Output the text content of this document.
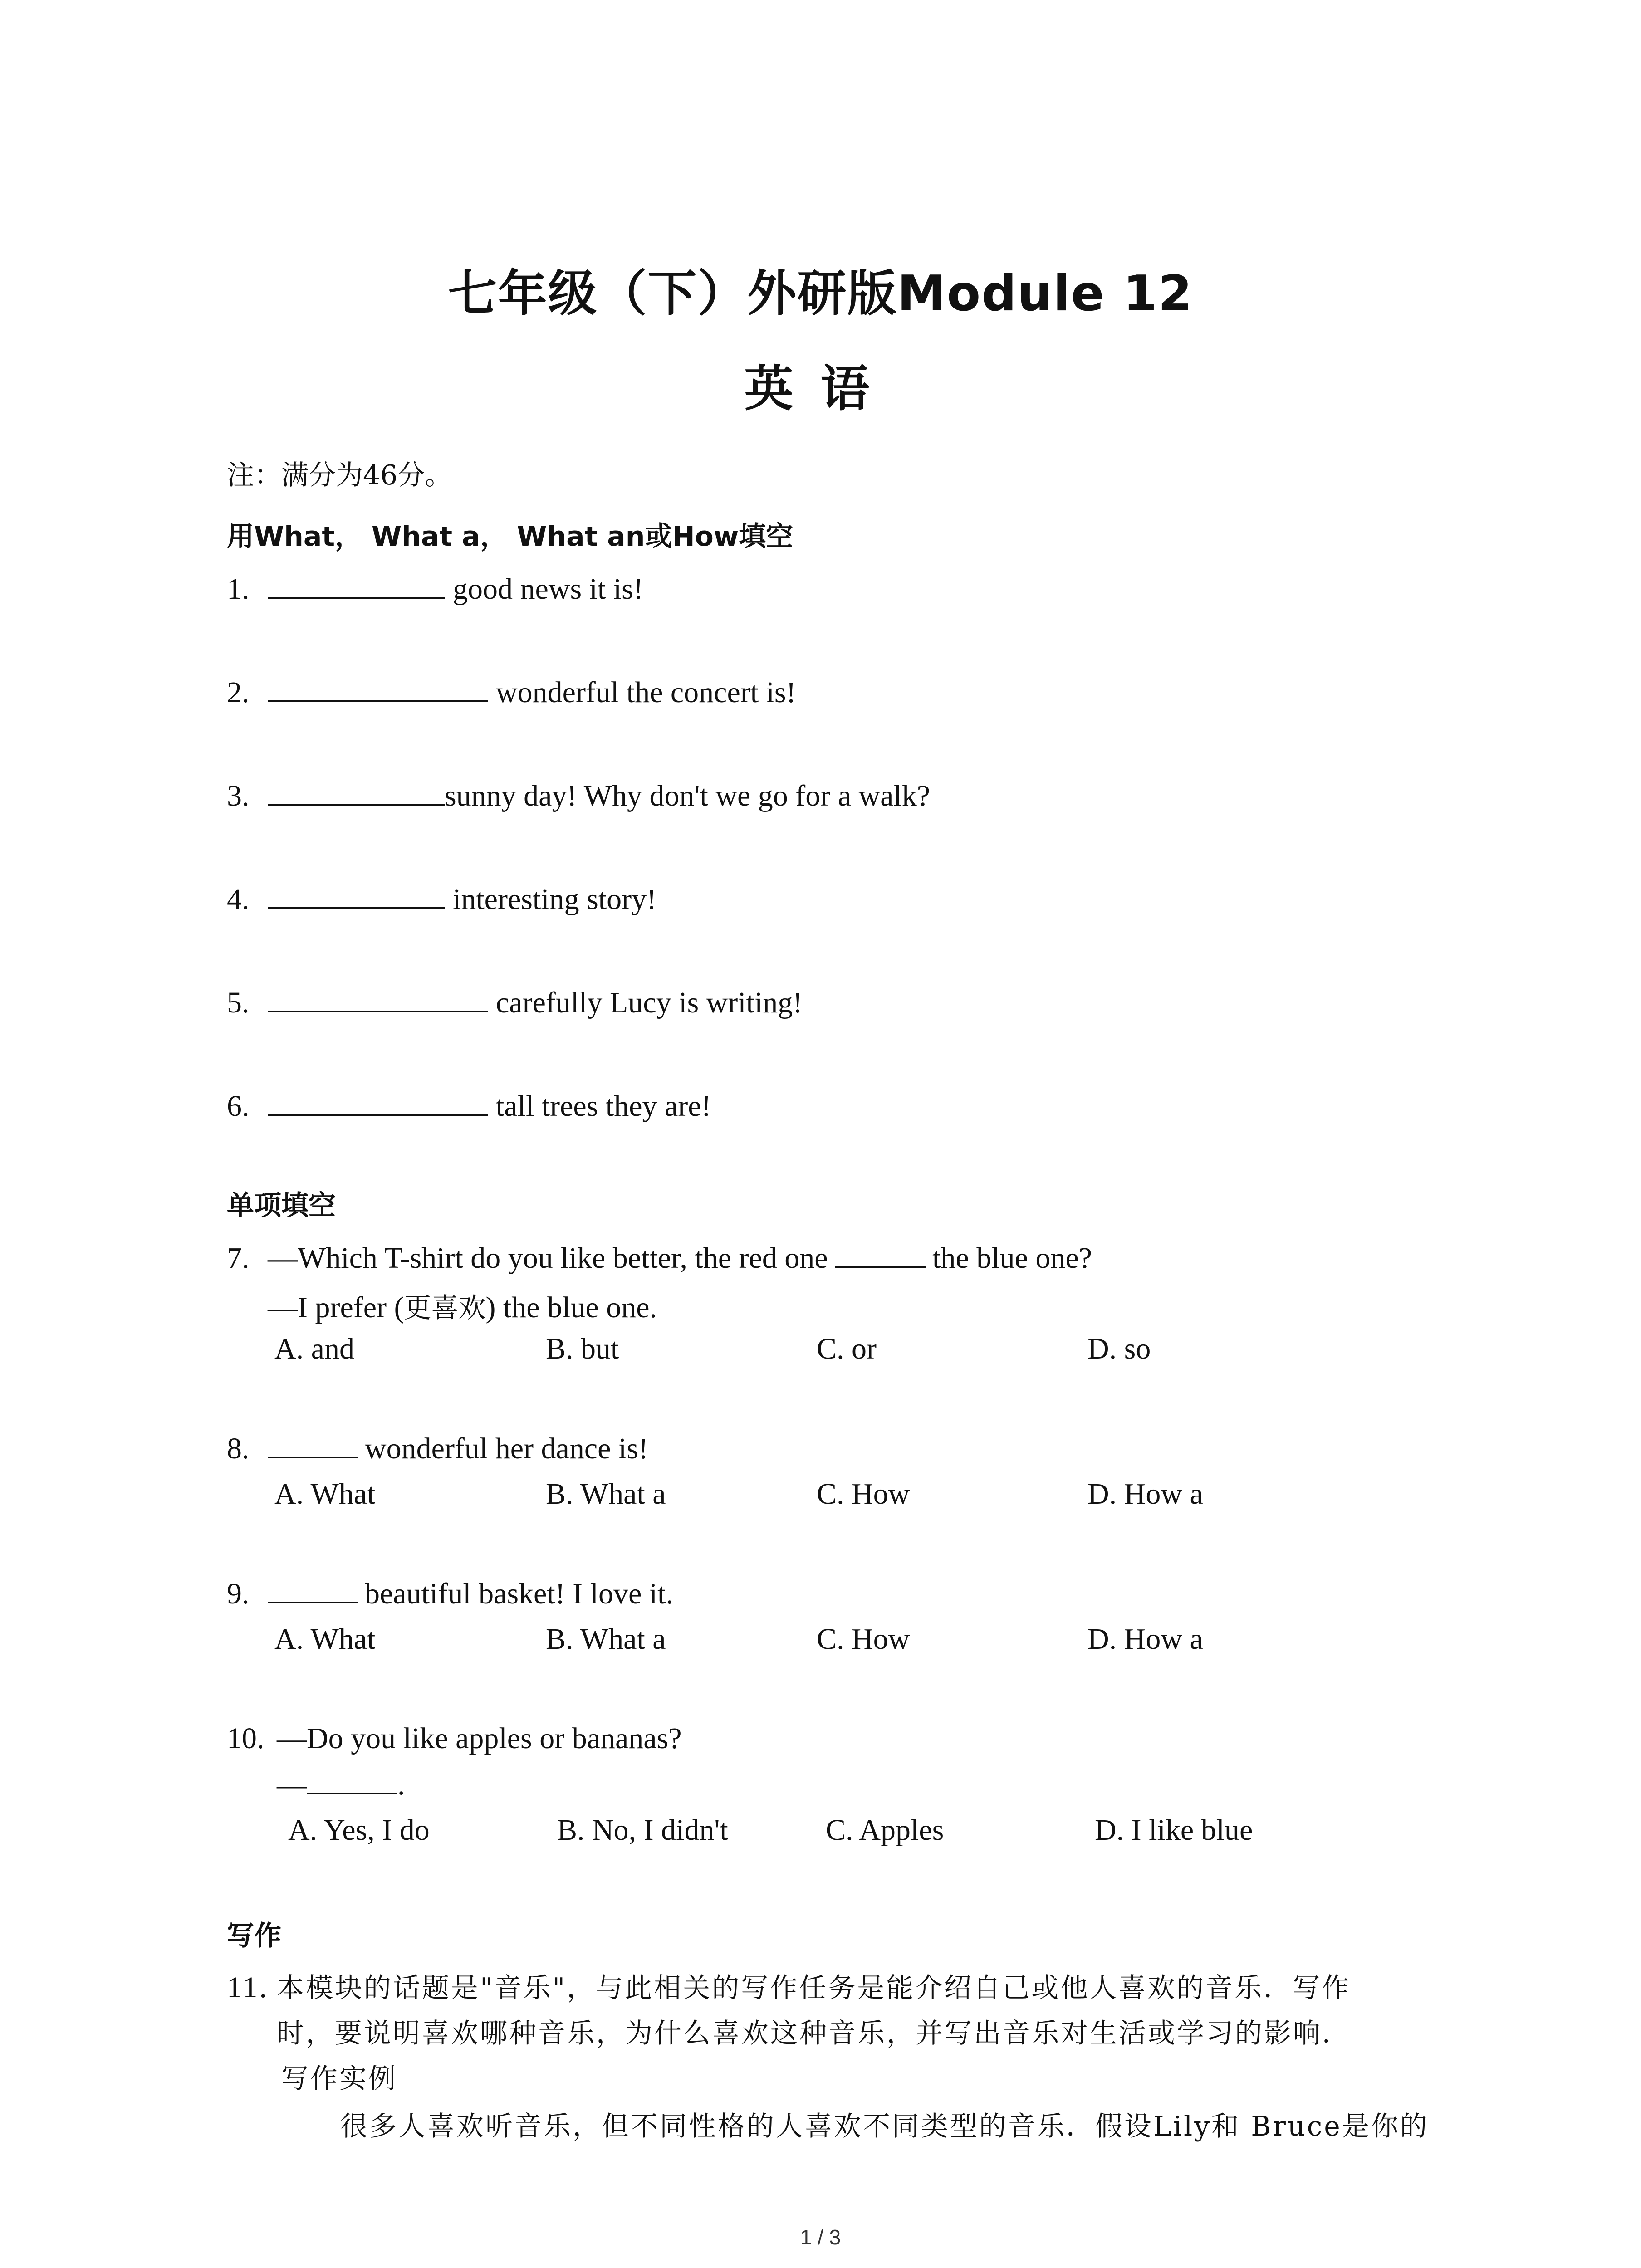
七年级（下）外研版Module 12
英语
注：满分为46分。
用What， What a， What an或How填空
1.	good news it is!
2.	wonderful the concert is!
3.	sunny day! Why don't we go for a walk?
4.	interesting story!
5.	carefully Lucy is writing!
6.	tall trees they are!
单项填空
7. —Which T-shirt do you like better, the red one	the blue one?
—I prefer (更喜欢) the blue one.
A. and	B. but	C. or	D. so
8.	wonderful her dance is!
A. What	B. What a	C. How	D. How a
9.	beautiful basket! I love it.
A. What	B. What a	C. How	D. How a
10. —Do you like apples or bananas?
—	.
A. Yes, I do	B. No, I didn't	C. Apples	D. I like blue
写作
11. 本模块的话题是"音乐"，与此相关的写作任务是能介绍自己或他人喜欢的音乐．写作
时，要说明喜欢哪种音乐，为什么喜欢这种音乐，并写出音乐对生活或学习的影响．
写作实例
很多人喜欢听音乐，但不同性格的人喜欢不同类型的音乐．假设Lily和 Bruce是你的
1 / 3
